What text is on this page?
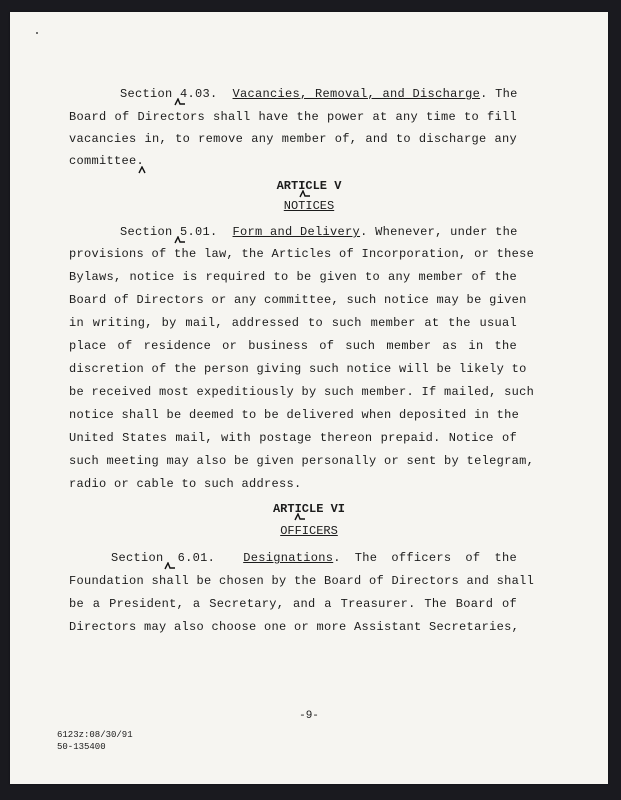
Section 4.03. Vacancies, Removal, and Discharge. The
Board of Directors shall have the power at any time to fill
vacancies in, to remove any member of, and to discharge any
committee.
ARTICLE V
NOTICES
Section 5.01. Form and Delivery. Whenever, under the
provisions of the law, the Articles of Incorporation, or these
Bylaws, notice is required to be given to any member of the
Board of Directors or any committee, such notice may be given
in writing, by mail, addressed to such member at the usual
place of residence or business of such member as in the
discretion of the person giving such notice will be likely to
be received most expeditiously by such member. If mailed, such
notice shall be deemed to be delivered when deposited in the
United States mail, with postage thereon prepaid. Notice of
such meeting may also be given personally or sent by telegram,
radio or cable to such address.
ARTICLE VI
OFFICERS
Section 6.01. Designations. The officers of the
Foundation shall be chosen by the Board of Directors and shall
be a President, a Secretary, and a Treasurer. The Board of
Directors may also choose one or more Assistant Secretaries,
-9-
6123z:08/30/91
50-135400
